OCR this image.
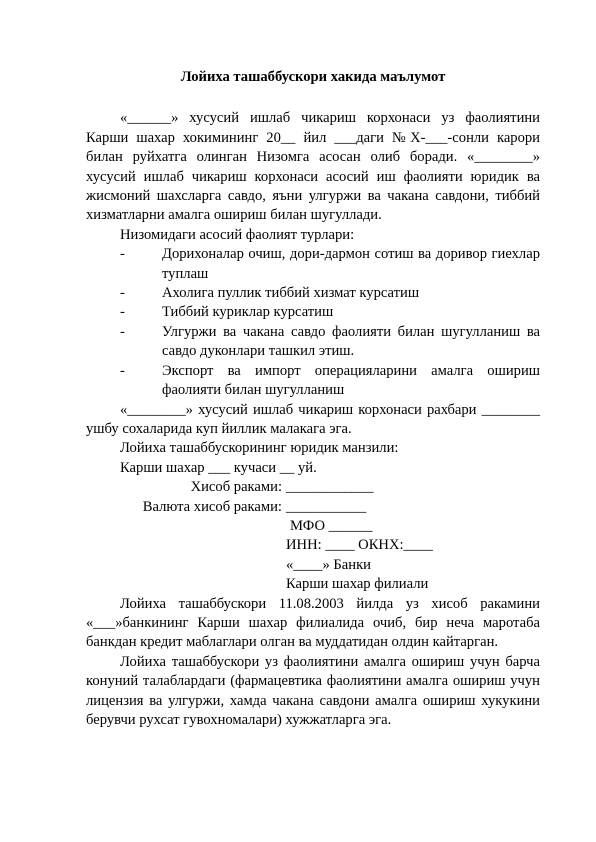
Лойиха ташаббускори хакида маълумот

«______» хусусий ишлаб чикариш корхонаси уз фаолиятини Карши шахар хокимининг 20__ йил ___даги №Х-___-сонли карори билан руйхатга олинган Низомга асосан олиб боради. «________» хусусий ишлаб чикариш корхонаси асосий иш фаолияти юридик ва жисмоний шахсларга савдо, яъни улгуржи ва чакана савдони, тиббий хизматларни амалга ошириш билан шугуллади.

Низомидаги асосий фаолият турлари:

-	Дорихоналар очиш, дори-дармон сотиш ва доривор гиехлар туплаш
-	Ахолига пуллик тиббий хизмат курсатиш
-	Тиббий куриклар курсатиш
-	Улгуржи ва чакана савдо фаолияти билан шугулланиш ва савдо дуконлари ташкил этиш.
-	Экспорт ва импорт операцияларини амалга ошириш фаолияти билан шугулланиш

«________» хусусий ишлаб чикариш корхонаси рахбари ________ ушбу сохаларида куп йиллик малакага эга.

Лойиха ташаббускорининг юридик манзили:

Карши шахар ___ кучаси __ уй.

Хисоб раками: ____________
Валюта хисоб раками: ___________

МФО ______

ИНН: ____ ОКНХ:____

«____» Банки

Карши шахар филиали

Лойиха ташаббускори 11.08.2003 йилда уз хисоб ракамини «___»банкининг Карши шахар филиалида очиб, бир неча маротаба банкдан кредит маблаглари олган ва муддатидан олдин кайтарган.

Лойиха ташаббускори уз фаолиятини амалга ошириш учун барча конуний талаблардаги (фармацевтика фаолиятини амалга ошириш учун лицензия ва улгуржи, хамда чакана савдони амалга ошириш хукукини берувчи рухсат гувохномалари) хужжатларга эга.
